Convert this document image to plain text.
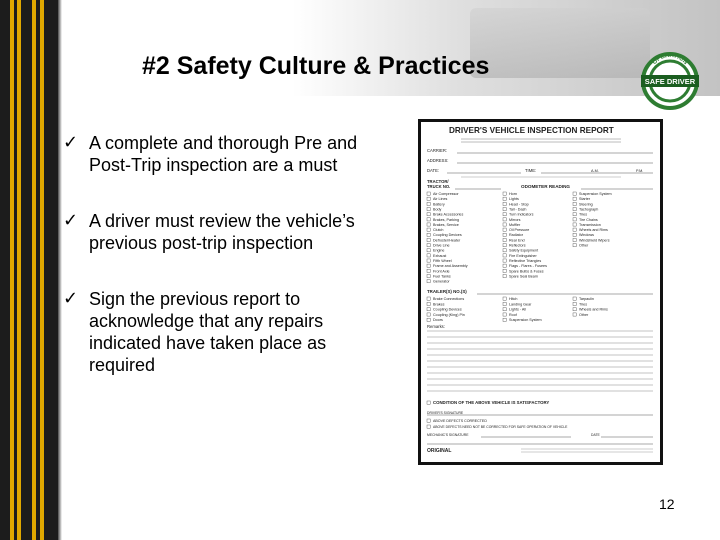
#2 Safety Culture & Practices
SAFE DRIVER
OPERATION
✓ A complete and thorough Pre and Post-Trip inspection are a must
✓ A driver must review the vehicle’s previous post-trip inspection
✓ Sign the previous report to acknowledge that any repairs indicated have taken place as required
DRIVER'S VEHICLE INSPECTION REPORT
CARRIER:
ADDRESS:
DATE:	TIME:	A.M.	P.M.
TRACTOR/
TRUCK NO.	ODOMETER READING
Air Compressor
Air Lines
Battery
Body
Brake Accessories
Brakes, Parking
Brakes, Service
Clutch
Coupling Devices
Defroster/Heater
Drive Line
Engine
Exhaust
Fifth Wheel
Frame and Assembly
Front Axle
Fuel Tanks
Generator
Horn
Lights
Head - Stop
Tail - Dash
Turn Indicators
Mirrors
Muffler
Oil Pressure
Radiator
Rear End
Reflectors
Safety Equipment
Fire Extinguisher
Reflective Triangles
Flags - Flares - Fusees
Spare Bulbs & Fuses
Spare Seal Beam
Suspension System
Starter
Steering
Tachograph
Tires
Tire Chains
Transmission
Wheels and Rims
Windows
Windshield Wipers
Other
TRAILER(S) NO.(S)
Brake Connections
Brakes
Coupling Devices
Coupling (King) Pin
Doors
Hitch
Landing Gear
Lights - All
Roof
Suspension System
Tarpaulin
Tires
Wheels and Rims
Other
Remarks:
CONDITION OF THE ABOVE VEHICLE IS SATISFACTORY
DRIVER'S SIGNATURE
ABOVE DEFECTS CORRECTED
ABOVE DEFECTS NEED NOT BE CORRECTED FOR SAFE OPERATION OF VEHICLE
MECHANIC'S SIGNATURE	DATE
ORIGINAL
12
